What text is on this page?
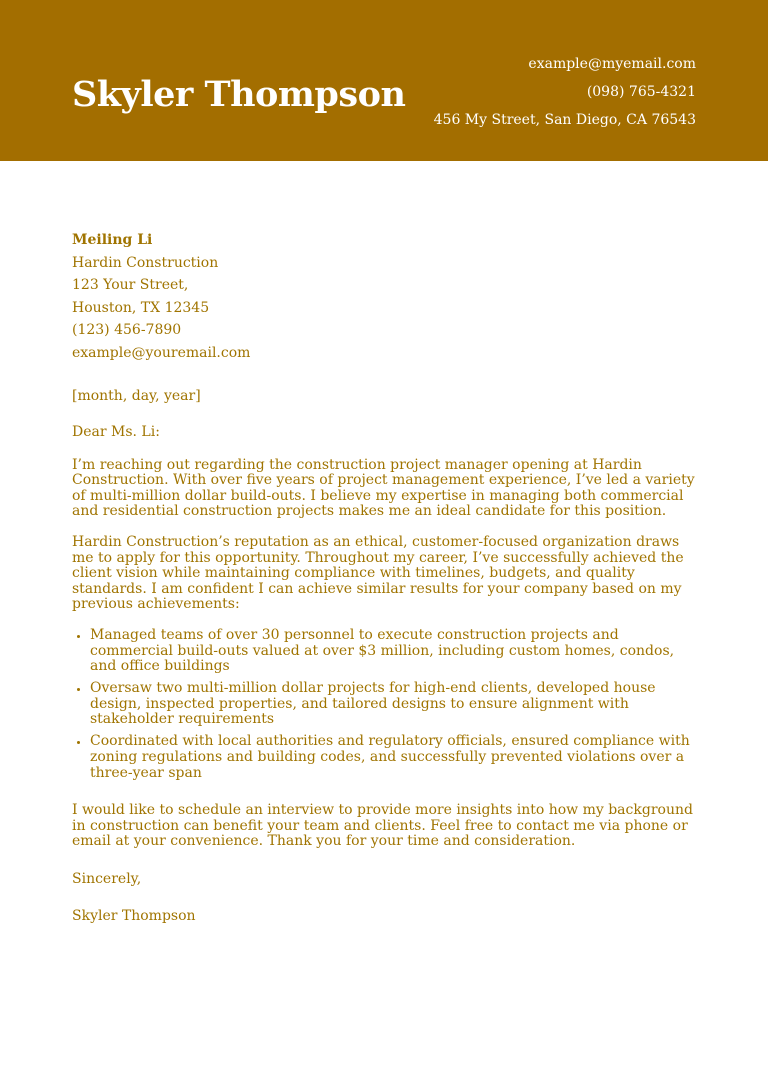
Skyler Thompson
example@myemail.com
(098) 765-4321
456 My Street, San Diego, CA 76543
Meiling Li
Hardin Construction
123 Your Street,
Houston, TX 12345
(123) 456-7890
example@youremail.com
[month, day, year]
Dear Ms. Li:

I’m reaching out regarding the construction project manager opening at Hardin Construction. With over five years of project management experience, I’ve led a variety of multi-million dollar build-outs. I believe my expertise in managing both commercial and residential construction projects makes me an ideal candidate for this position.

Hardin Construction’s reputation as an ethical, customer-focused organization draws me to apply for this opportunity. Throughout my career, I’ve successfully achieved the client vision while maintaining compliance with timelines, budgets, and quality standards. I am confident I can achieve similar results for your company based on my previous achievements:

• Managed teams of over 30 personnel to execute construction projects and commercial build-outs valued at over $3 million, including custom homes, condos, and office buildings
• Oversaw two multi-million dollar projects for high-end clients, developed house design, inspected properties, and tailored designs to ensure alignment with stakeholder requirements
• Coordinated with local authorities and regulatory officials, ensured compliance with zoning regulations and building codes, and successfully prevented violations over a three-year span

I would like to schedule an interview to provide more insights into how my background in construction can benefit your team and clients. Feel free to contact me via phone or email at your convenience. Thank you for your time and consideration.

Sincerely,
Skyler Thompson
